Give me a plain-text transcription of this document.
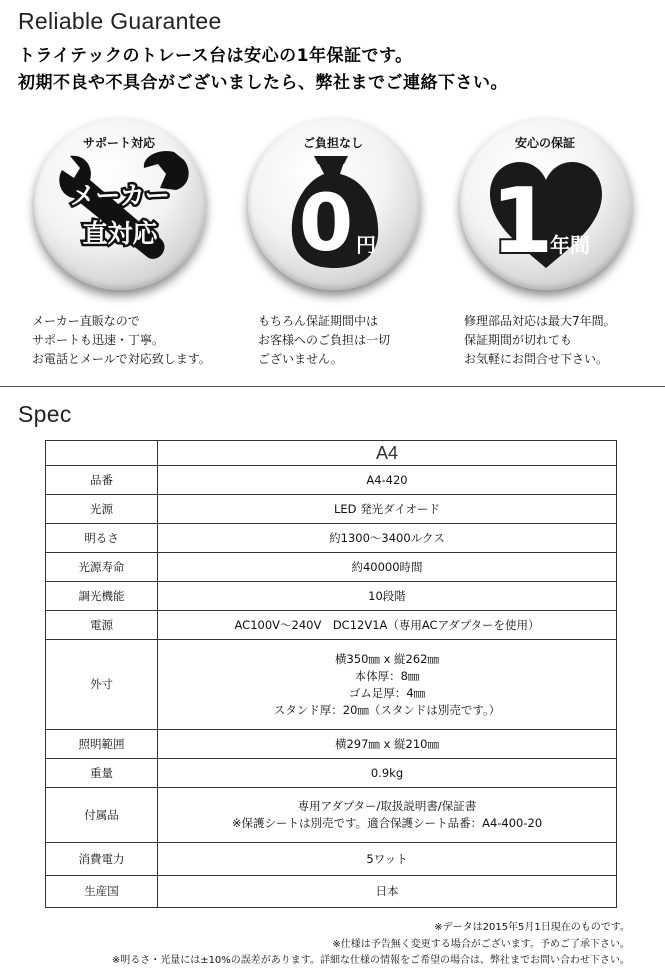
Reliable Guarantee
トライテックのトレース台は安心の1年保証です。
初期不良や不具合がございましたら、弊社までご連絡下さい。
メーカー
直対応
サポート対応
0 円
ご負担なし
1
年間
安心の保証
メーカー直販なので
サポートも迅速・丁寧。
お電話とメールで対応致します。
もちろん保証期間中は
お客様へのご負担は一切
ございません。
修理部品対応は最大7年間。
保証期間が切れても
お気軽にお問合せ下さい。
Spec
	A4
品番	A4-420
光源	LED 発光ダイオード
明るさ	約1300～3400ルクス
光源寿命	約40000時間
調光機能	10段階
電源	AC100V～240V　DC12V1A（専用ACアダプターを使用）
外寸	横350㎜ x 縦262㎜
本体厚：8㎜
ゴム足厚：4㎜
スタンド厚：20㎜（スタンドは別売です。）

照明範囲	横297㎜ x 縦210㎜
重量	0.9kg
付属品	専用アダプター/取扱説明書/保証書
※保護シートは別売です。適合保護シート品番：A4-400-20

消費電力	5ワット
生産国	日本
※データは2015年5月1日現在のものです。
※仕様は予告無く変更する場合がございます。予めご了承下さい。
※明るさ・光量には±10%の誤差があります。詳細な仕様の情報をご希望の場合は、弊社までお問い合わせ下さい。
